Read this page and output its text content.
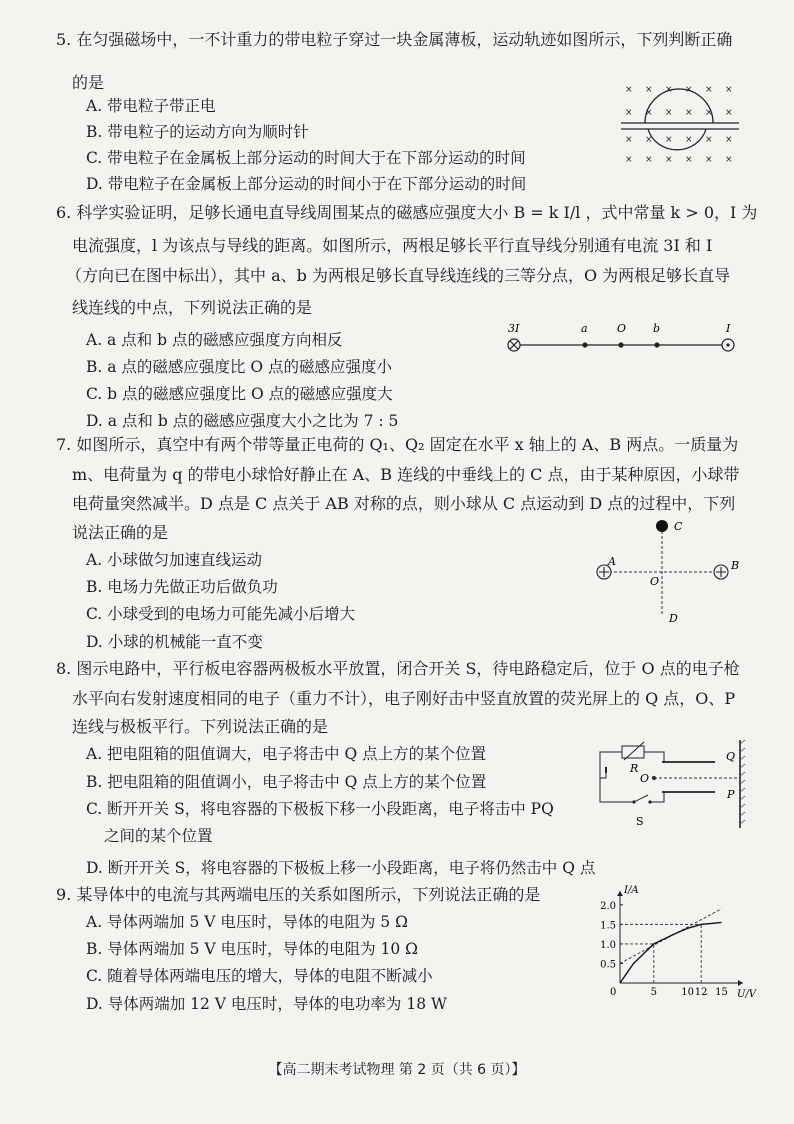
5. 在匀强磁场中，一不计重力的带电粒子穿过一块金属薄板，运动轨迹如图所示，下列判断正确
的是
A. 带电粒子带正电
B. 带电粒子的运动方向为顺时针
C. 带电粒子在金属板上部分运动的时间大于在下部分运动的时间
D. 带电粒子在金属板上部分运动的时间小于在下部分运动的时间
× × × × × ×
× × × × × ×
× × × × × ×
× × × × × ×
6. 科学实验证明，足够长通电直导线周围某点的磁感应强度大小 B = k I/l ，式中常量 k > 0，I 为
电流强度，l 为该点与导线的距离。如图所示，两根足够长平行直导线分别通有电流 3I 和 I
（方向已在图中标出），其中 a、b 为两根足够长直导线连线的三等分点，O 为两根足够长直导
线连线的中点，下列说法正确的是
A. a 点和 b 点的磁感应强度方向相反
B. a 点的磁感应强度比 O 点的磁感应强度小
C. b 点的磁感应强度比 O 点的磁感应强度大
D. a 点和 b 点的磁感应强度大小之比为 7 : 5
3I	a	O b	I
7. 如图所示，真空中有两个带等量正电荷的 Q₁、Q₂ 固定在水平 x 轴上的 A、B 两点。一质量为
m、电荷量为 q 的带电小球恰好静止在 A、B 连线的中垂线上的 C 点，由于某种原因，小球带
电荷量突然减半。D 点是 C 点关于 AB 对称的点，则小球从 C 点运动到 D 点的过程中，下列
说法正确的是
A. 小球做匀加速直线运动
B. 电场力先做正功后做负功
C. 小球受到的电场力可能先减小后增大
D. 小球的机械能一直不变
C
A	B
O
D
8. 图示电路中，平行板电容器两极板水平放置，闭合开关 S，待电路稳定后，位于 O 点的电子枪
水平向右发射速度相同的电子（重力不计），电子刚好击中竖直放置的荧光屏上的 Q 点，O、P
连线与极板平行。下列说法正确的是
A. 把电阻箱的阻值调大，电子将击中 Q 点上方的某个位置
B. 把电阻箱的阻值调小，电子将击中 Q 点上方的某个位置
C. 断开开关 S，将电容器的下极板下移一小段距离，电子将击中 PQ
之间的某个位置
D. 断开开关 S，将电容器的下极板上移一小段距离，电子将仍然击中 Q 点
R
O
S
Q
P
9. 某导体中的电流与其两端电压的关系如图所示，下列说法正确的是
A. 导体两端加 5 V 电压时，导体的电阻为 5 Ω
B. 导体两端加 5 V 电压时，导体的电阻为 10 Ω
C. 随着导体两端电压的增大，导体的电阻不断减小
D. 导体两端加 12 V 电压时，导体的电功率为 18 W
0.5
1.0
1.5
2.0
5 10 12 15
0	U/V
I/A
【高二期末考试物理 第 2 页（共 6 页）】
